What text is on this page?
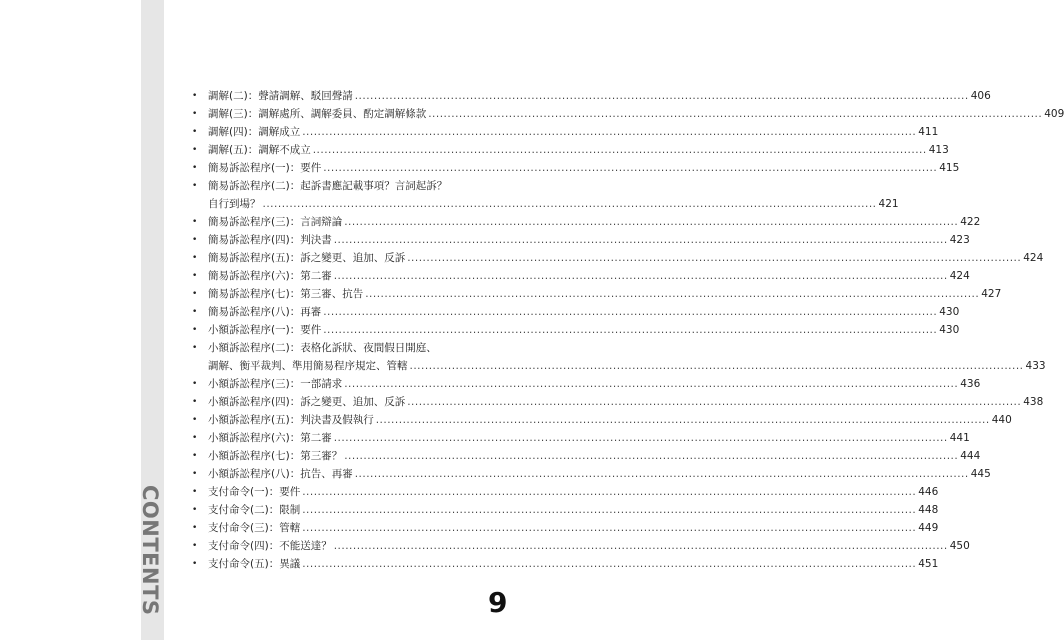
CONTENTS
• 調解(二)：聲請調解、駁回聲請 ................................................................................................................................................................ 406
• 調解(三)：調解處所、調解委員、酌定調解條款 ................................................................................................................................................................ 409
• 調解(四)：調解成立 ................................................................................................................................................................ 411
• 調解(五)：調解不成立 ................................................................................................................................................................ 413
• 簡易訴訟程序(一)：要件 ................................................................................................................................................................ 415
• 簡易訴訟程序(二)：起訴書應記載事項？言詞起訴？
自行到場？ ................................................................................................................................................................ 421
• 簡易訴訟程序(三)：言詞辯論 ................................................................................................................................................................ 422
• 簡易訴訟程序(四)：判決書 ................................................................................................................................................................ 423
• 簡易訴訟程序(五)：訴之變更、追加、反訴 ................................................................................................................................................................ 424
• 簡易訴訟程序(六)：第二審 ................................................................................................................................................................ 424
• 簡易訴訟程序(七)：第三審、抗告 ................................................................................................................................................................ 427
• 簡易訴訟程序(八)：再審 ................................................................................................................................................................ 430
• 小額訴訟程序(一)：要件 ................................................................................................................................................................ 430
• 小額訴訟程序(二)：表格化訴狀、夜間假日開庭、
調解、衡平裁判、準用簡易程序規定、管轄 ................................................................................................................................................................ 433
• 小額訴訟程序(三)：一部請求 ................................................................................................................................................................ 436
• 小額訴訟程序(四)：訴之變更、追加、反訴 ................................................................................................................................................................ 438
• 小額訴訟程序(五)：判決書及假執行 ................................................................................................................................................................ 440
• 小額訴訟程序(六)：第二審 ................................................................................................................................................................ 441
• 小額訴訟程序(七)：第三審？ ................................................................................................................................................................ 444
• 小額訴訟程序(八)：抗告、再審 ................................................................................................................................................................ 445
• 支付命令(一)：要件 ................................................................................................................................................................ 446
• 支付命令(二)：限制 ................................................................................................................................................................ 448
• 支付命令(三)：管轄 ................................................................................................................................................................ 449
• 支付命令(四)：不能送達？ ................................................................................................................................................................ 450
• 支付命令(五)：異議 ................................................................................................................................................................ 451
9
